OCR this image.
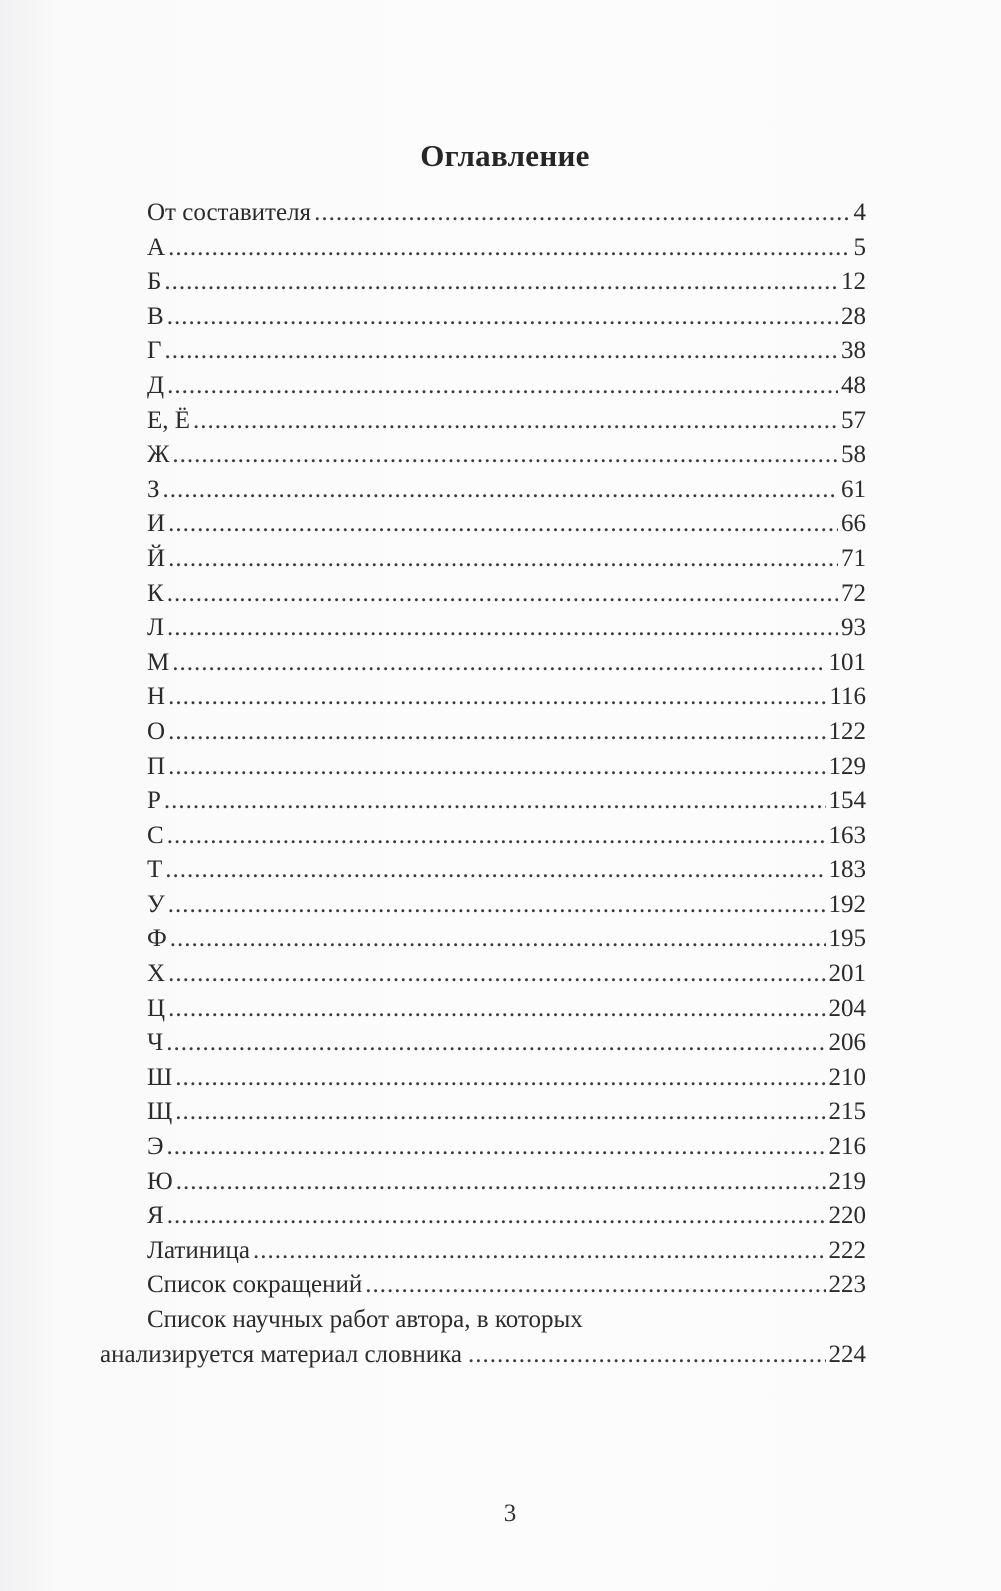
Оглавление
От составителя .....	4
А .....	5
Б .....	12
В .....	28
Г .....	38
Д .....	48
Е, Ё .....	57
Ж .....	58
З .....	61
И .....	66
Й .....	71
К .....	72
Л .....	93
М .....	101
Н .....	116
О .....	122
П .....	129
Р .....	154
С .....	163
Т .....	183
У .....	192
Ф .....	195
Х .....	201
Ц .....	204
Ч .....	206
Ш .....	210
Щ .....	215
Э .....	216
Ю .....	219
Я .....	220
Латиница .....	222
Список сокращений .....	223
Список научных работ автора, в которых
анализируется материал словника .....	224
3
